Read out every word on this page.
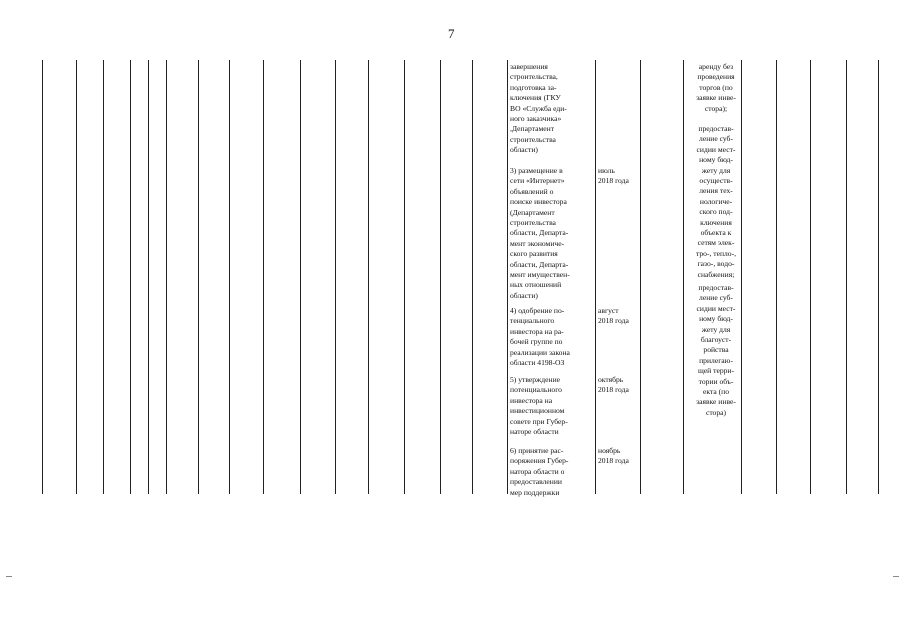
7

завершения
строительства,
подготовка за-
ключения (ГКУ
ВО «Служба еди-
ного заказчика»
,Департамент
строительства
области)

3) размещение в
сети «Интернет»
объявлений о
поиске инвестора
(Департамент
строительства
области, Департа-
мент экономиче-
ского развития
области, Департа-
мент имуществен-
ных отношений
области)

4) одобрение по-
тенциального
инвестора на ра-
бочей группе по
реализации закона
области 4198-ОЗ

5) утверждение
потенциального
инвестора на
инвестиционном
совете при Губер-
наторе области

6) принятие рас-
поряжения Губер-
натора области о
предоставлении
мер поддержки

июль
2018 года

август
2018 года

октябрь
2018 года

ноябрь
2018 года

аренду без
проведения
торгов (по
заявке инве-
стора);

предостав-
ление суб-
сидии мест-
ному бюд-
жету для
осуществ-
ления тех-
нологиче-
ского под-
ключения
объекта к
сетям элек-
тро-, тепло-,
газо-, водо-
снабжения;

предостав-
ление суб-
сидии мест-
ному бюд-
жету для
благоуст-
ройства
прилегаю-
щей терри-
тории объ-
екта (по
заявке инве-
стора)
